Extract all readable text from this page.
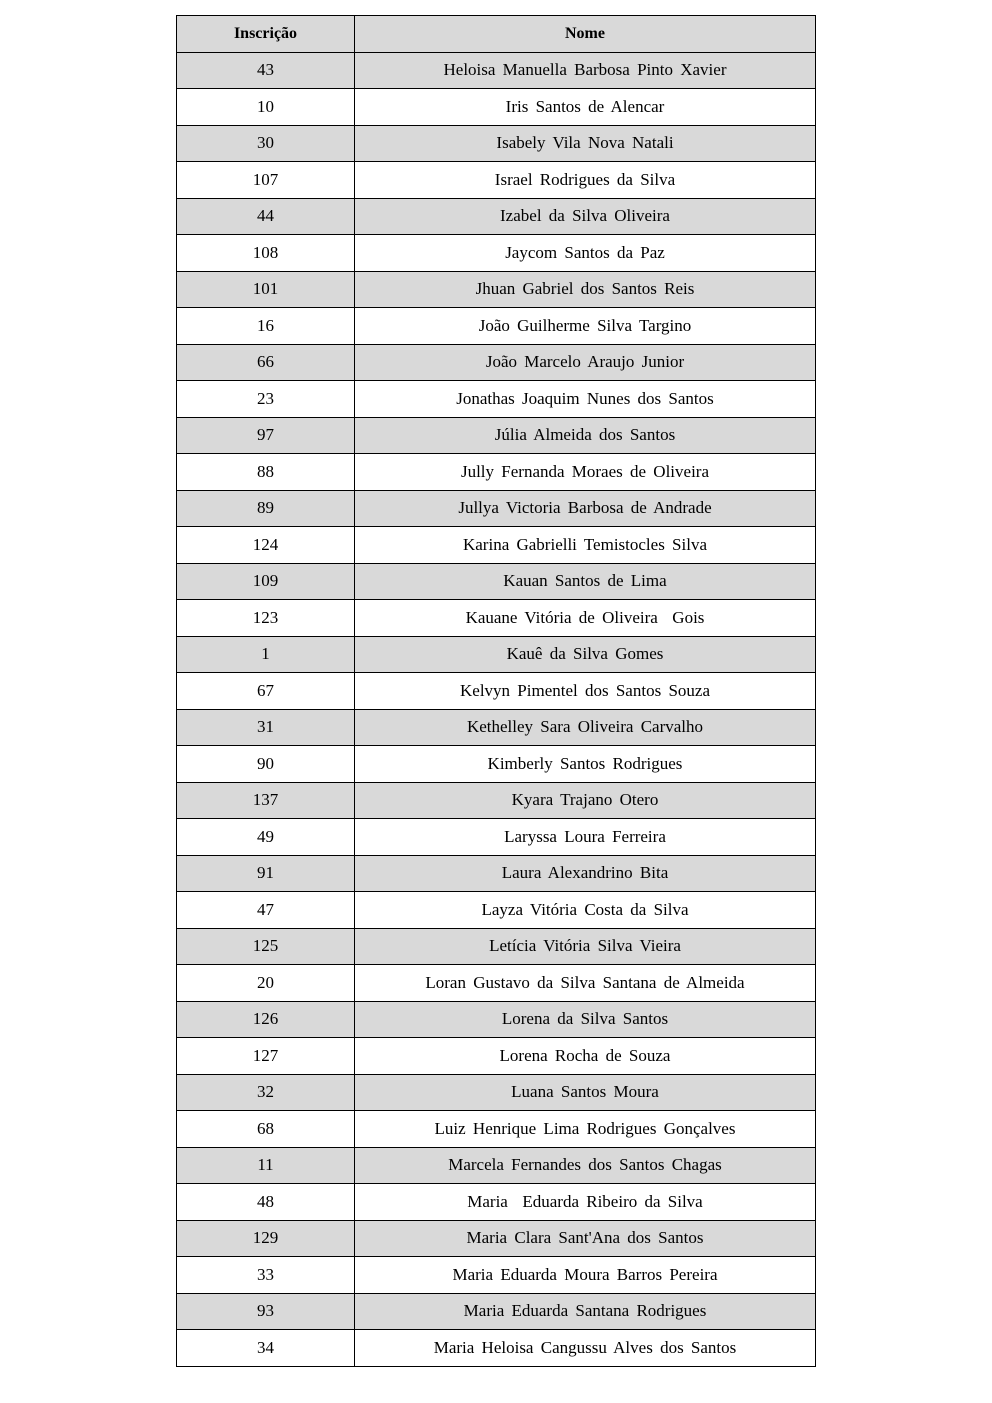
Inscrição	Nome
43	Heloisa Manuella Barbosa Pinto Xavier
10	Iris Santos de Alencar
30	Isabely Vila Nova Natali
107	Israel Rodrigues da Silva
44	Izabel da Silva Oliveira
108	Jaycom Santos da Paz
101	Jhuan Gabriel dos Santos Reis
16	João Guilherme Silva Targino
66	João Marcelo Araujo Junior
23	Jonathas Joaquim Nunes dos Santos
97	Júlia Almeida dos Santos
88	Jully Fernanda Moraes de Oliveira
89	Jullya Victoria Barbosa de Andrade
124	Karina Gabrielli Temistocles Silva
109	Kauan Santos de Lima
123	Kauane Vitória de Oliveira  Gois
1	Kauê da Silva Gomes
67	Kelvyn Pimentel dos Santos Souza
31	Kethelley Sara Oliveira Carvalho
90	Kimberly Santos Rodrigues
137	Kyara Trajano Otero
49	Laryssa Loura Ferreira
91	Laura Alexandrino Bita
47	Layza Vitória Costa da Silva
125	Letícia Vitória Silva Vieira
20	Loran Gustavo da Silva Santana de Almeida
126	Lorena da Silva Santos
127	Lorena Rocha de Souza
32	Luana Santos Moura
68	Luiz Henrique Lima Rodrigues Gonçalves
11	Marcela Fernandes dos Santos Chagas
48	Maria  Eduarda Ribeiro da Silva
129	Maria Clara Sant'Ana dos Santos
33	Maria Eduarda Moura Barros Pereira
93	Maria Eduarda Santana Rodrigues
34	Maria Heloisa Cangussu Alves dos Santos
